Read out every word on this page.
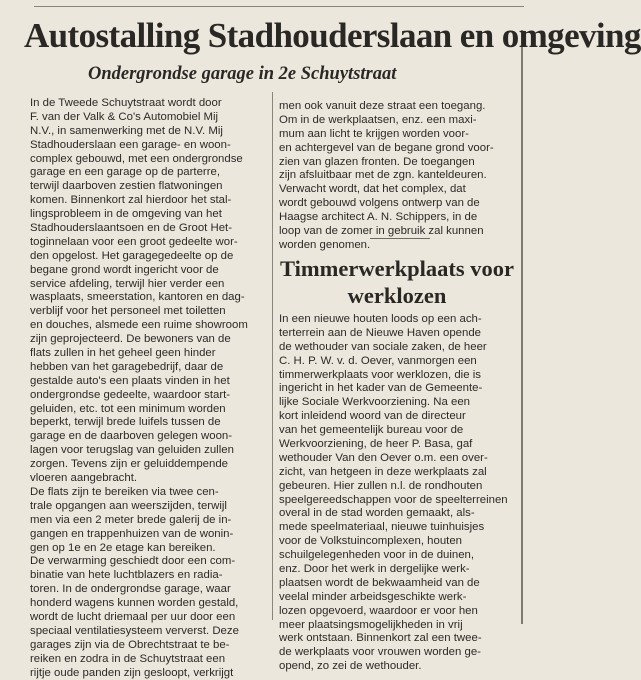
Autostalling Stadhouderslaan en omgeving
Ondergrondse garage in 2e Schuytstraat
In de Tweede Schuytstraat wordt door
F. van der Valk & Co's Automobiel Mij
N.V., in samenwerking met de N.V. Mij
Stadhouderslaan een garage- en woon-
complex gebouwd, met een ondergrondse
garage en een garage op de parterre,
terwijl daarboven zestien flatwoningen
komen. Binnenkort zal hierdoor het stal-
lingsprobleem in de omgeving van het
Stadhouderslaantsoen en de Groot Het-
toginnelaan voor een groot gedeelte wor-
den opgelost. Het garagegedeelte op de
begane grond wordt ingericht voor de
service afdeling, terwijl hier verder een
wasplaats, smeerstation, kantoren en dag-
verblijf voor het personeel met toiletten
en douches, alsmede een ruime showroom
zijn geprojecteerd. De bewoners van de
flats zullen in het geheel geen hinder
hebben van het garagebedrijf, daar de
gestalde auto's een plaats vinden in het
ondergrondse gedeelte, waardoor start-
geluiden, etc. tot een minimum worden
beperkt, terwijl brede luifels tussen de
garage en de daarboven gelegen woon-
lagen voor terugslag van geluiden zullen
zorgen. Tevens zijn er geluiddempende
vloeren aangebracht.
De flats zijn te bereiken via twee cen-
trale opgangen aan weerszijden, terwijl
men via een 2 meter brede galerij de in-
gangen en trappenhuizen van de wonin-
gen op 1e en 2e etage kan bereiken.
De verwarming geschiedt door een com-
binatie van hete luchtblazers en radia-
toren. In de ondergrondse garage, waar
honderd wagens kunnen worden gestald,
wordt de lucht driemaal per uur door een
speciaal ventilatiesysteem ververst. Deze
garages zijn via de Obrechtstraat te be-
reiken en zodra in de Schuytstraat een
rijtje oude panden zijn gesloopt, verkrijgt
men ook vanuit deze straat een toegang.
Om in de werkplaatsen, enz. een maxi-
mum aan licht te krijgen worden voor-
en achtergevel van de begane grond voor-
zien van glazen fronten. De toegangen
zijn afsluitbaar met de zgn. kanteldeuren.
Verwacht wordt, dat het complex, dat
wordt gebouwd volgens ontwerp van de
Haagse architect A. N. Schippers, in de
loop van de zomer in gebruik zal kunnen
worden genomen.
Timmerwerkplaats voor
werklozen
In een nieuwe houten loods op een ach-
terterrein aan de Nieuwe Haven opende
de wethouder van sociale zaken, de heer
C. H. P. W. v. d. Oever, vanmorgen een
timmerwerkplaats voor werklozen, die is
ingericht in het kader van de Gemeente-
lijke Sociale Werkvoorziening. Na een
kort inleidend woord van de directeur
van het gemeentelijk bureau voor de
Werkvoorziening, de heer P. Basa, gaf
wethouder Van den Oever o.m. een over-
zicht, van hetgeen in deze werkplaats zal
gebeuren. Hier zullen n.l. de rondhouten
speelgereedschappen voor de speelterreinen
overal in de stad worden gemaakt, als-
mede speelmateriaal, nieuwe tuinhuisjes
voor de Volkstuincomplexen, houten
schuilgelegenheden voor in de duinen,
enz. Door het werk in dergelijke werk-
plaatsen wordt de bekwaamheid van de
veelal minder arbeidsgeschikte werk-
lozen opgevoerd, waardoor er voor hen
meer plaatsingsmogelijkheden in vrij
werk ontstaan. Binnenkort zal een twee-
de werkplaats voor vrouwen worden ge-
opend, zo zei de wethouder.
